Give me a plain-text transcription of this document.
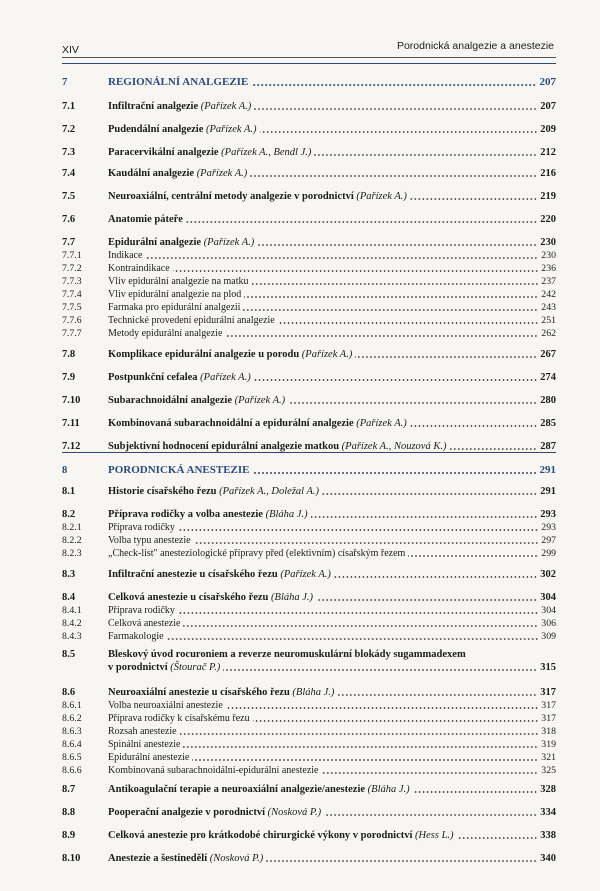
XIV	Porodnická analgezie a anestezie
7	REGIONÁLNÍ ANALGEZIE	207
7.1	Infiltrační analgezie (Pařízek A.)	207
7.2	Pudendální analgezie (Pařízek A.)	209
7.3	Paracervikální analgezie (Pařízek A., Bendl J.)	212
7.4	Kaudální analgezie (Pařízek A.)	216
7.5	Neuroaxiální, centrální metody analgezie v porodnictví (Pařízek A.)	219
7.6	Anatomie páteře	220
7.7	Epidurální analgezie (Pařízek A.)	230
7.7.1	Indikace	230
7.7.2	Kontraindikace	236
7.7.3	Vliv epidurální analgezie na matku	237
7.7.4	Vliv epidurální analgezie na plod	242
7.7.5	Farmaka pro epidurální analgezii	243
7.7.6	Technické provedení epidurální analgezie	251
7.7.7	Metody epidurální analgezie	262
7.8	Komplikace epidurální analgezie u porodu (Pařízek A.)	267
7.9	Postpunkční cefalea (Pařízek A.)	274
7.10	Subarachnoidální analgezie (Pařízek A.)	280
7.11	Kombinovaná subarachnoidální a epidurální analgezie (Pařízek A.)	285
7.12	Subjektivní hodnocení epidurální analgezie matkou (Pařízek A., Nouzová K.)	287
8	PORODNICKÁ ANESTEZIE	291
8.1	Historie císařského řezu (Pařízek A., Doležal A.)	291
8.2	Příprava rodičky a volba anestezie (Bláha J.)	293
8.2.1	Příprava rodičky	293
8.2.2	Volba typu anestezie	297
8.2.3	„Check-list" anesteziologické přípravy před (elektivním) císařským řezem	299
8.3	Infiltrační anestezie u císařského řezu (Pařízek A.)	302
8.4	Celková anestezie u císařského řezu (Bláha J.)	304
8.4.1	Příprava rodičky	304
8.4.2	Celková anestezie	306
8.4.3	Farmakologie	309
8.5	Bleskový úvod rocuroniem a reverze neuromuskulární blokády sugammadexem
v porodnictví (Štourač P.)	315
8.6	Neuroaxiální anestezie u císařského řezu (Bláha J.)	317
8.6.1	Volba neuroaxiální anestezie	317
8.6.2	Příprava rodičky k císařskému řezu	317
8.6.3	Rozsah anestezie	318
8.6.4	Spinální anestezie	319
8.6.5	Epidurální anestezie	321
8.6.6	Kombinovaná subarachnoidální-epidurální anestezie	325
8.7	Antikoagulační terapie a neuroaxiální analgezie/anestezie (Bláha J.)	328
8.8	Pooperační analgezie v porodnictví (Nosková P.)	334
8.9	Celková anestezie pro krátkodobé chirurgické výkony v porodnictví (Hess L.)	338
8.10	Anestezie a šestinedělí (Nosková P.)	340
